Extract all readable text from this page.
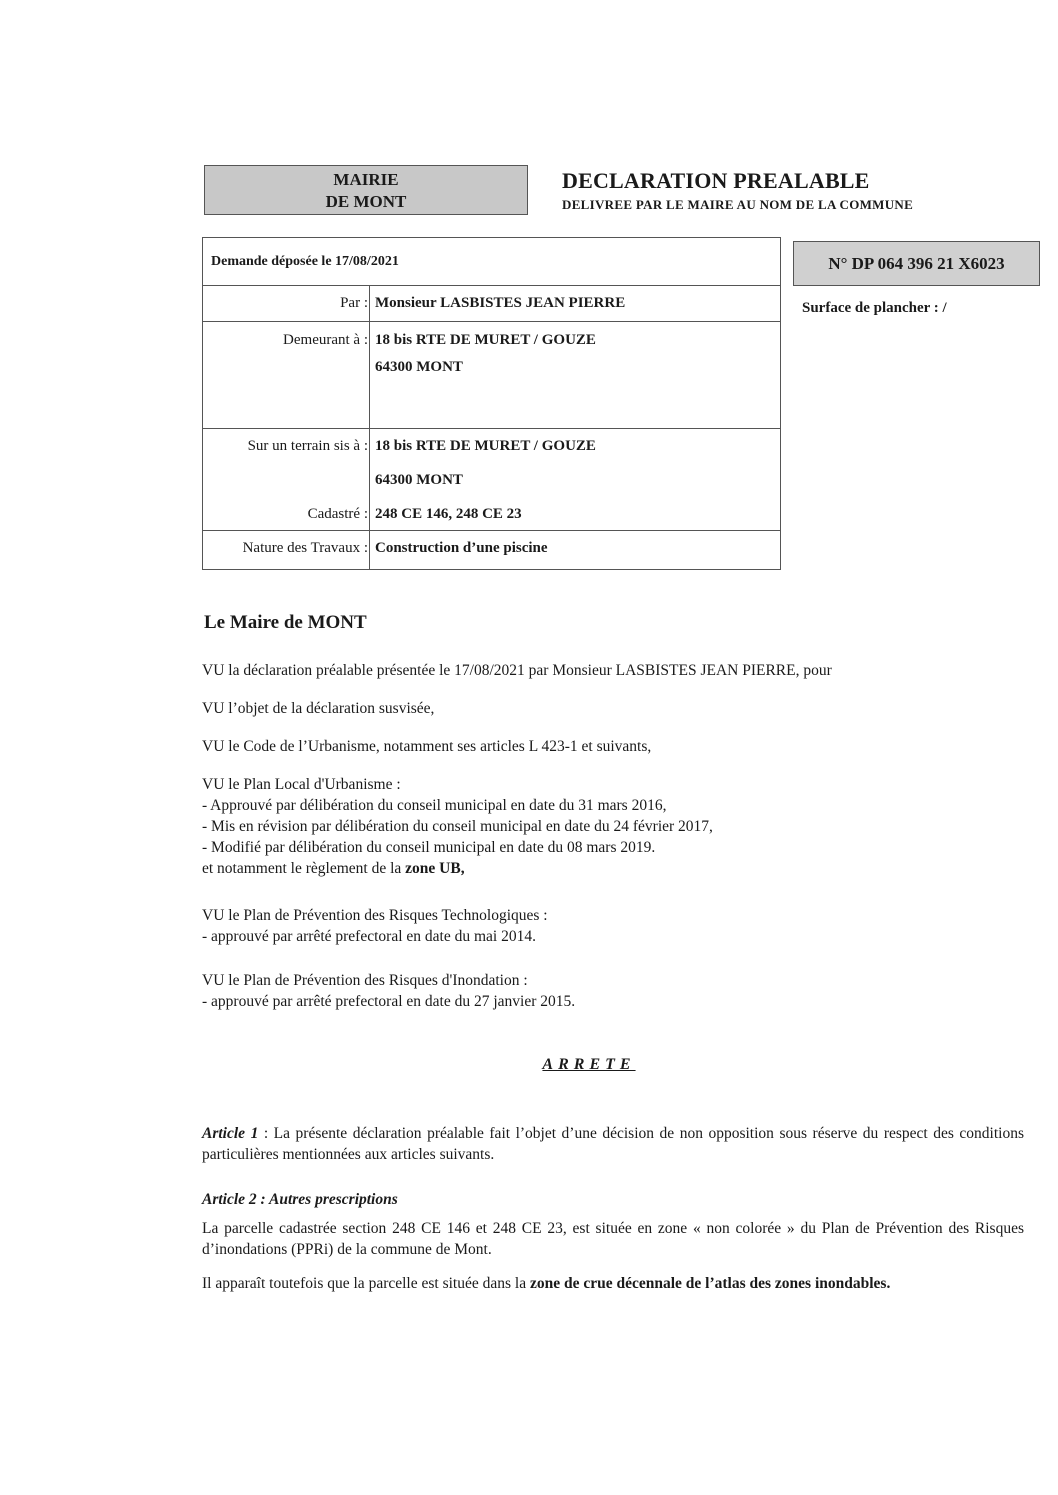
MAIRIE
DE MONT
DECLARATION PREALABLE
DELIVREE PAR LE MAIRE AU NOM DE LA COMMUNE
Demande déposée le 17/08/2021
Par : Monsieur LASBISTES JEAN PIERRE
Demeurant à : 18 bis RTE DE MURET / GOUZE
64300 MONT
Sur un terrain sis à : 18 bis RTE DE MURET / GOUZE
64300 MONT
Cadastré : 248 CE 146, 248 CE 23
Nature des Travaux : Construction d’une piscine
N° DP 064 396 21 X6023
Surface de plancher : /
Le Maire de MONT
VU la déclaration préalable présentée le 17/08/2021 par Monsieur LASBISTES JEAN PIERRE, pour
VU l’objet de la déclaration susvisée,
VU le Code de l’Urbanisme, notamment ses articles L 423-1 et suivants,
VU le Plan Local d'Urbanisme :
- Approuvé par délibération du conseil municipal en date du 31 mars 2016,
- Mis en révision par délibération du conseil municipal en date du 24 février 2017,
- Modifié par délibération du conseil municipal en date du 08 mars 2019.
et notamment le règlement de la zone UB,
VU le Plan de Prévention des Risques Technologiques :
- approuvé par arrêté prefectoral en date du mai 2014.
VU le Plan de Prévention des Risques d'Inondation :
- approuvé par arrêté prefectoral en date du 27 janvier 2015.
ARRETE
Article 1 : La présente déclaration préalable fait l’objet d’une décision de non opposition sous réserve du respect des conditions particulières mentionnées aux articles suivants.
Article 2 : Autres prescriptions
La parcelle cadastrée section 248 CE 146 et 248 CE 23, est située en zone « non colorée » du Plan de Prévention des Risques d’inondations (PPRi) de la commune de Mont.
Il apparaît toutefois que la parcelle est située dans la zone de crue décennale de l’atlas des zones inondables.
